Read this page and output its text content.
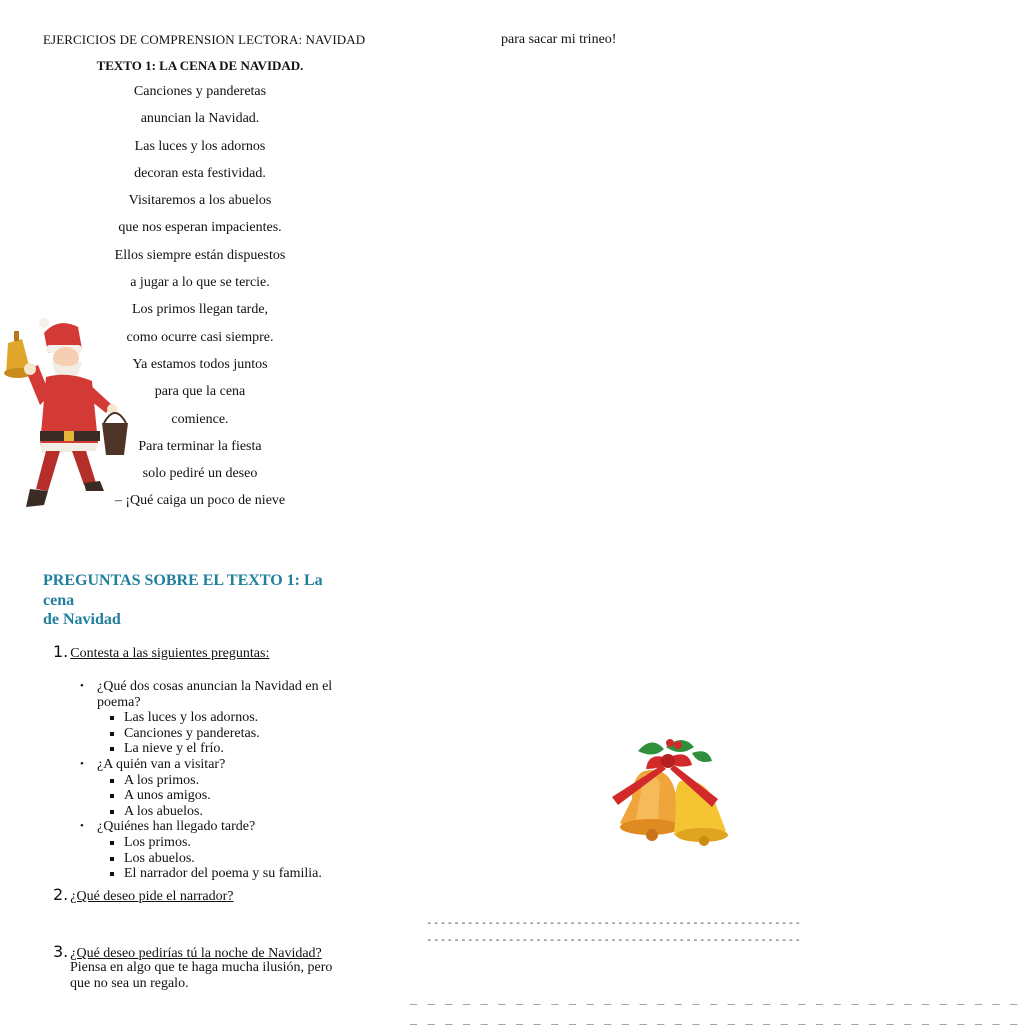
EJERCICIOS DE COMPRENSION LECTORA: NAVIDAD	para sacar mi trineo!
TEXTO 1: LA CENA DE NAVIDAD.
Canciones y panderetas
anuncian la Navidad.
Las luces y los adornos
decoran esta festividad.
Visitaremos a los abuelos
que nos esperan impacientes.
Ellos siempre están dispuestos
a jugar a lo que se tercie.
Los primos llegan tarde,
como ocurre casi siempre.
Ya estamos todos juntos
para que la cena
comience.
Para terminar la fiesta
solo pediré un deseo
– ¡Qué caiga un poco de nieve
PREGUNTAS SOBRE EL TEXTO 1: La
cena
de Navidad
1. Contesta a las siguientes preguntas:
• ¿Qué dos cosas anuncian la Navidad en el poema?
Las luces y los adornos.
Canciones y panderetas.
La nieve y el frío.
• ¿A quién van a visitar?
A los primos.
A unos amigos.
A los abuelos.
• ¿Quiénes han llegado tarde?
Los primos.
Los abuelos.
El narrador del poema y su familia.
2. ¿Qué deseo pide el narrador?
3. ¿Qué deseo pedirías tú la noche de Navidad?
Piensa en algo que te haga mucha ilusión, pero que no sea un regalo.
-------------------------------------------------------
-------------------------------------------------------
_ _ _ _ _ _ _ _ _ _ _ _ _ _ _ _ _ _ _ _ _ _ _ _ _ _ _ _ _ _ _ _ _ _ _
_ _ _ _ _ _ _ _ _ _ _ _ _ _ _ _ _ _ _ _ _ _ _ _ _ _ _ _ _ _ _ _ _ _ _
